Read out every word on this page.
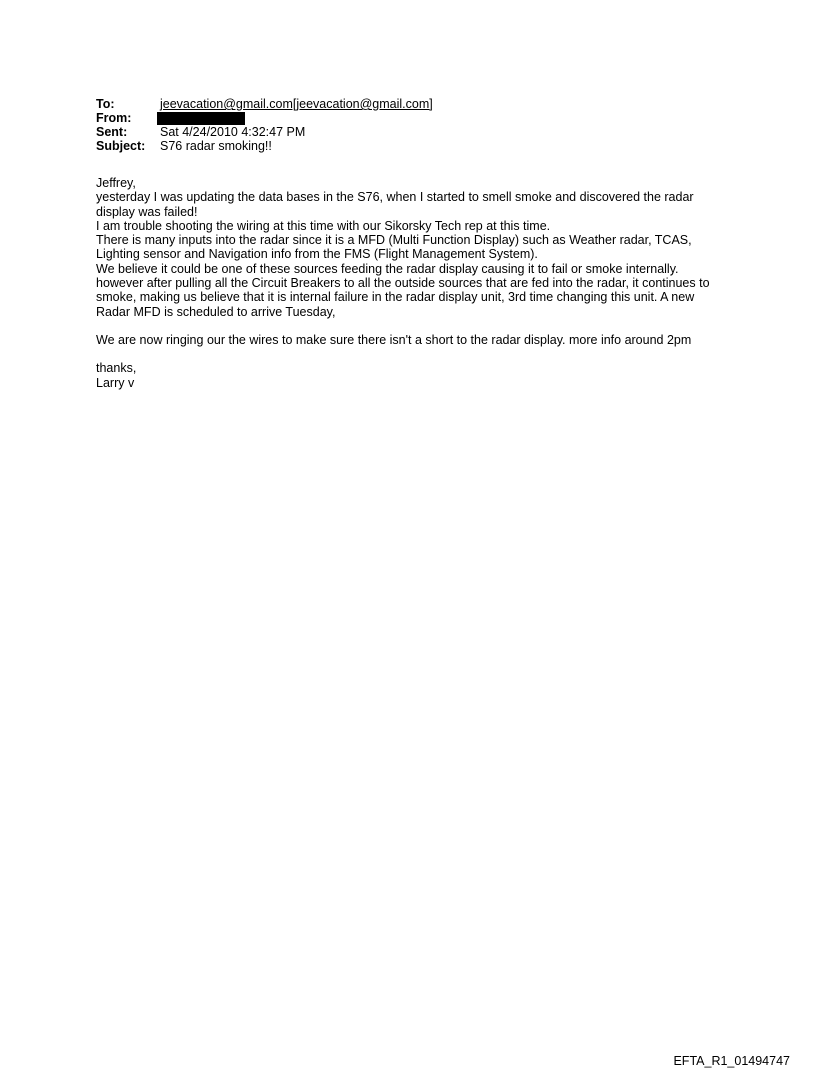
To:	jeevacation@gmail.com[jeevacation@gmail.com]
From:
Sent:	Sat 4/24/2010 4:32:47 PM
Subject:	S76 radar smoking!!

Jeffrey,

yesterday I was updating the data bases in the S76, when I started to smell smoke and discovered the radar
display was failed!
I am trouble shooting the wiring at this time with our Sikorsky Tech rep at this time.
There is many inputs into the radar since it is a MFD (Multi Function Display) such as Weather radar, TCAS,
Lighting sensor and Navigation info from the FMS (Flight Management System).
We believe it could be one of these sources feeding the radar display causing it to fail or smoke internally.
however after pulling all the Circuit Breakers to all the outside sources that are fed into the radar, it continues to
smoke, making us believe that it is internal failure in the radar display unit, 3rd time changing this unit. A new
Radar MFD is scheduled to arrive Tuesday,

We are now ringing our the wires to make sure there isn't a short to the radar display. more info around 2pm

thanks,

Larry v

EFTA_R1_01494747
